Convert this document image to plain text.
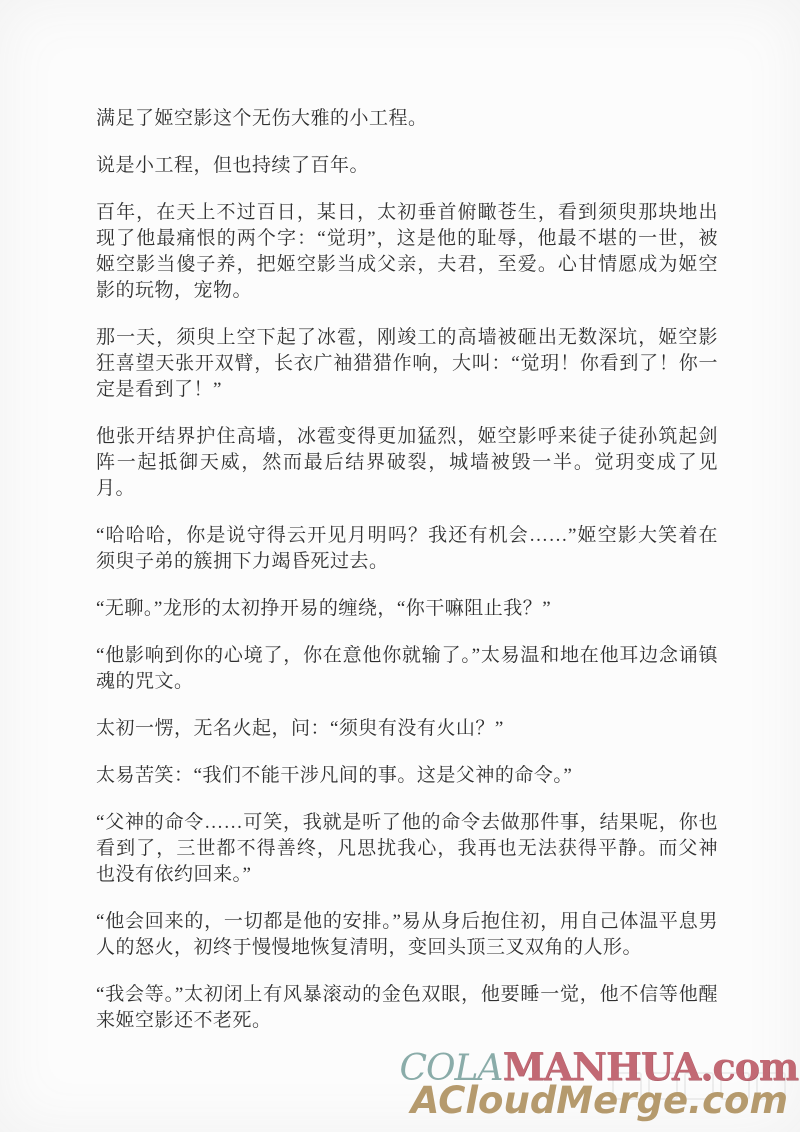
满足了姬空影这个无伤大雅的小工程。

说是小工程，但也持续了百年。

百年，在天上不过百日，某日，太初垂首俯瞰苍生，看到须臾那块地出现了他最痛恨的两个字：“觉玥”，这是他的耻辱，他最不堪的一世，被姬空影当傻子养，把姬空影当成父亲，夫君，至爱。心甘情愿成为姬空影的玩物，宠物。

那一天，须臾上空下起了冰雹，刚竣工的高墙被砸出无数深坑，姬空影狂喜望天张开双臂，长衣广袖猎猎作响，大叫：“觉玥！你看到了！你一定是看到了！”

他张开结界护住高墙，冰雹变得更加猛烈，姬空影呼来徒子徒孙筑起剑阵一起抵御天威，然而最后结界破裂，城墙被毁一半。觉玥变成了见月。

“哈哈哈，你是说守得云开见月明吗？我还有机会……”姬空影大笑着在须臾子弟的簇拥下力竭昏死过去。

“无聊。”龙形的太初挣开易的缠绕，“你干嘛阻止我？”

“他影响到你的心境了，你在意他你就输了。”太易温和地在他耳边念诵镇魂的咒文。

太初一愣，无名火起，问：“须臾有没有火山？”

太易苦笑：“我们不能干涉凡间的事。这是父神的命令。”

“父神的命令……可笑，我就是听了他的命令去做那件事，结果呢，你也看到了，三世都不得善终，凡思扰我心，我再也无法获得平静。而父神也没有依约回来。”

“他会回来的，一切都是他的安排。”易从身后抱住初，用自己体温平息男人的怒火，初终于慢慢地恢复清明，变回头顶三叉双角的人形。

“我会等。”太初闭上有风暴滚动的金色双眼，他要睡一觉，他不信等他醒来姬空影还不老死。

COLAMANHUA.com
ACloudMerge.com
